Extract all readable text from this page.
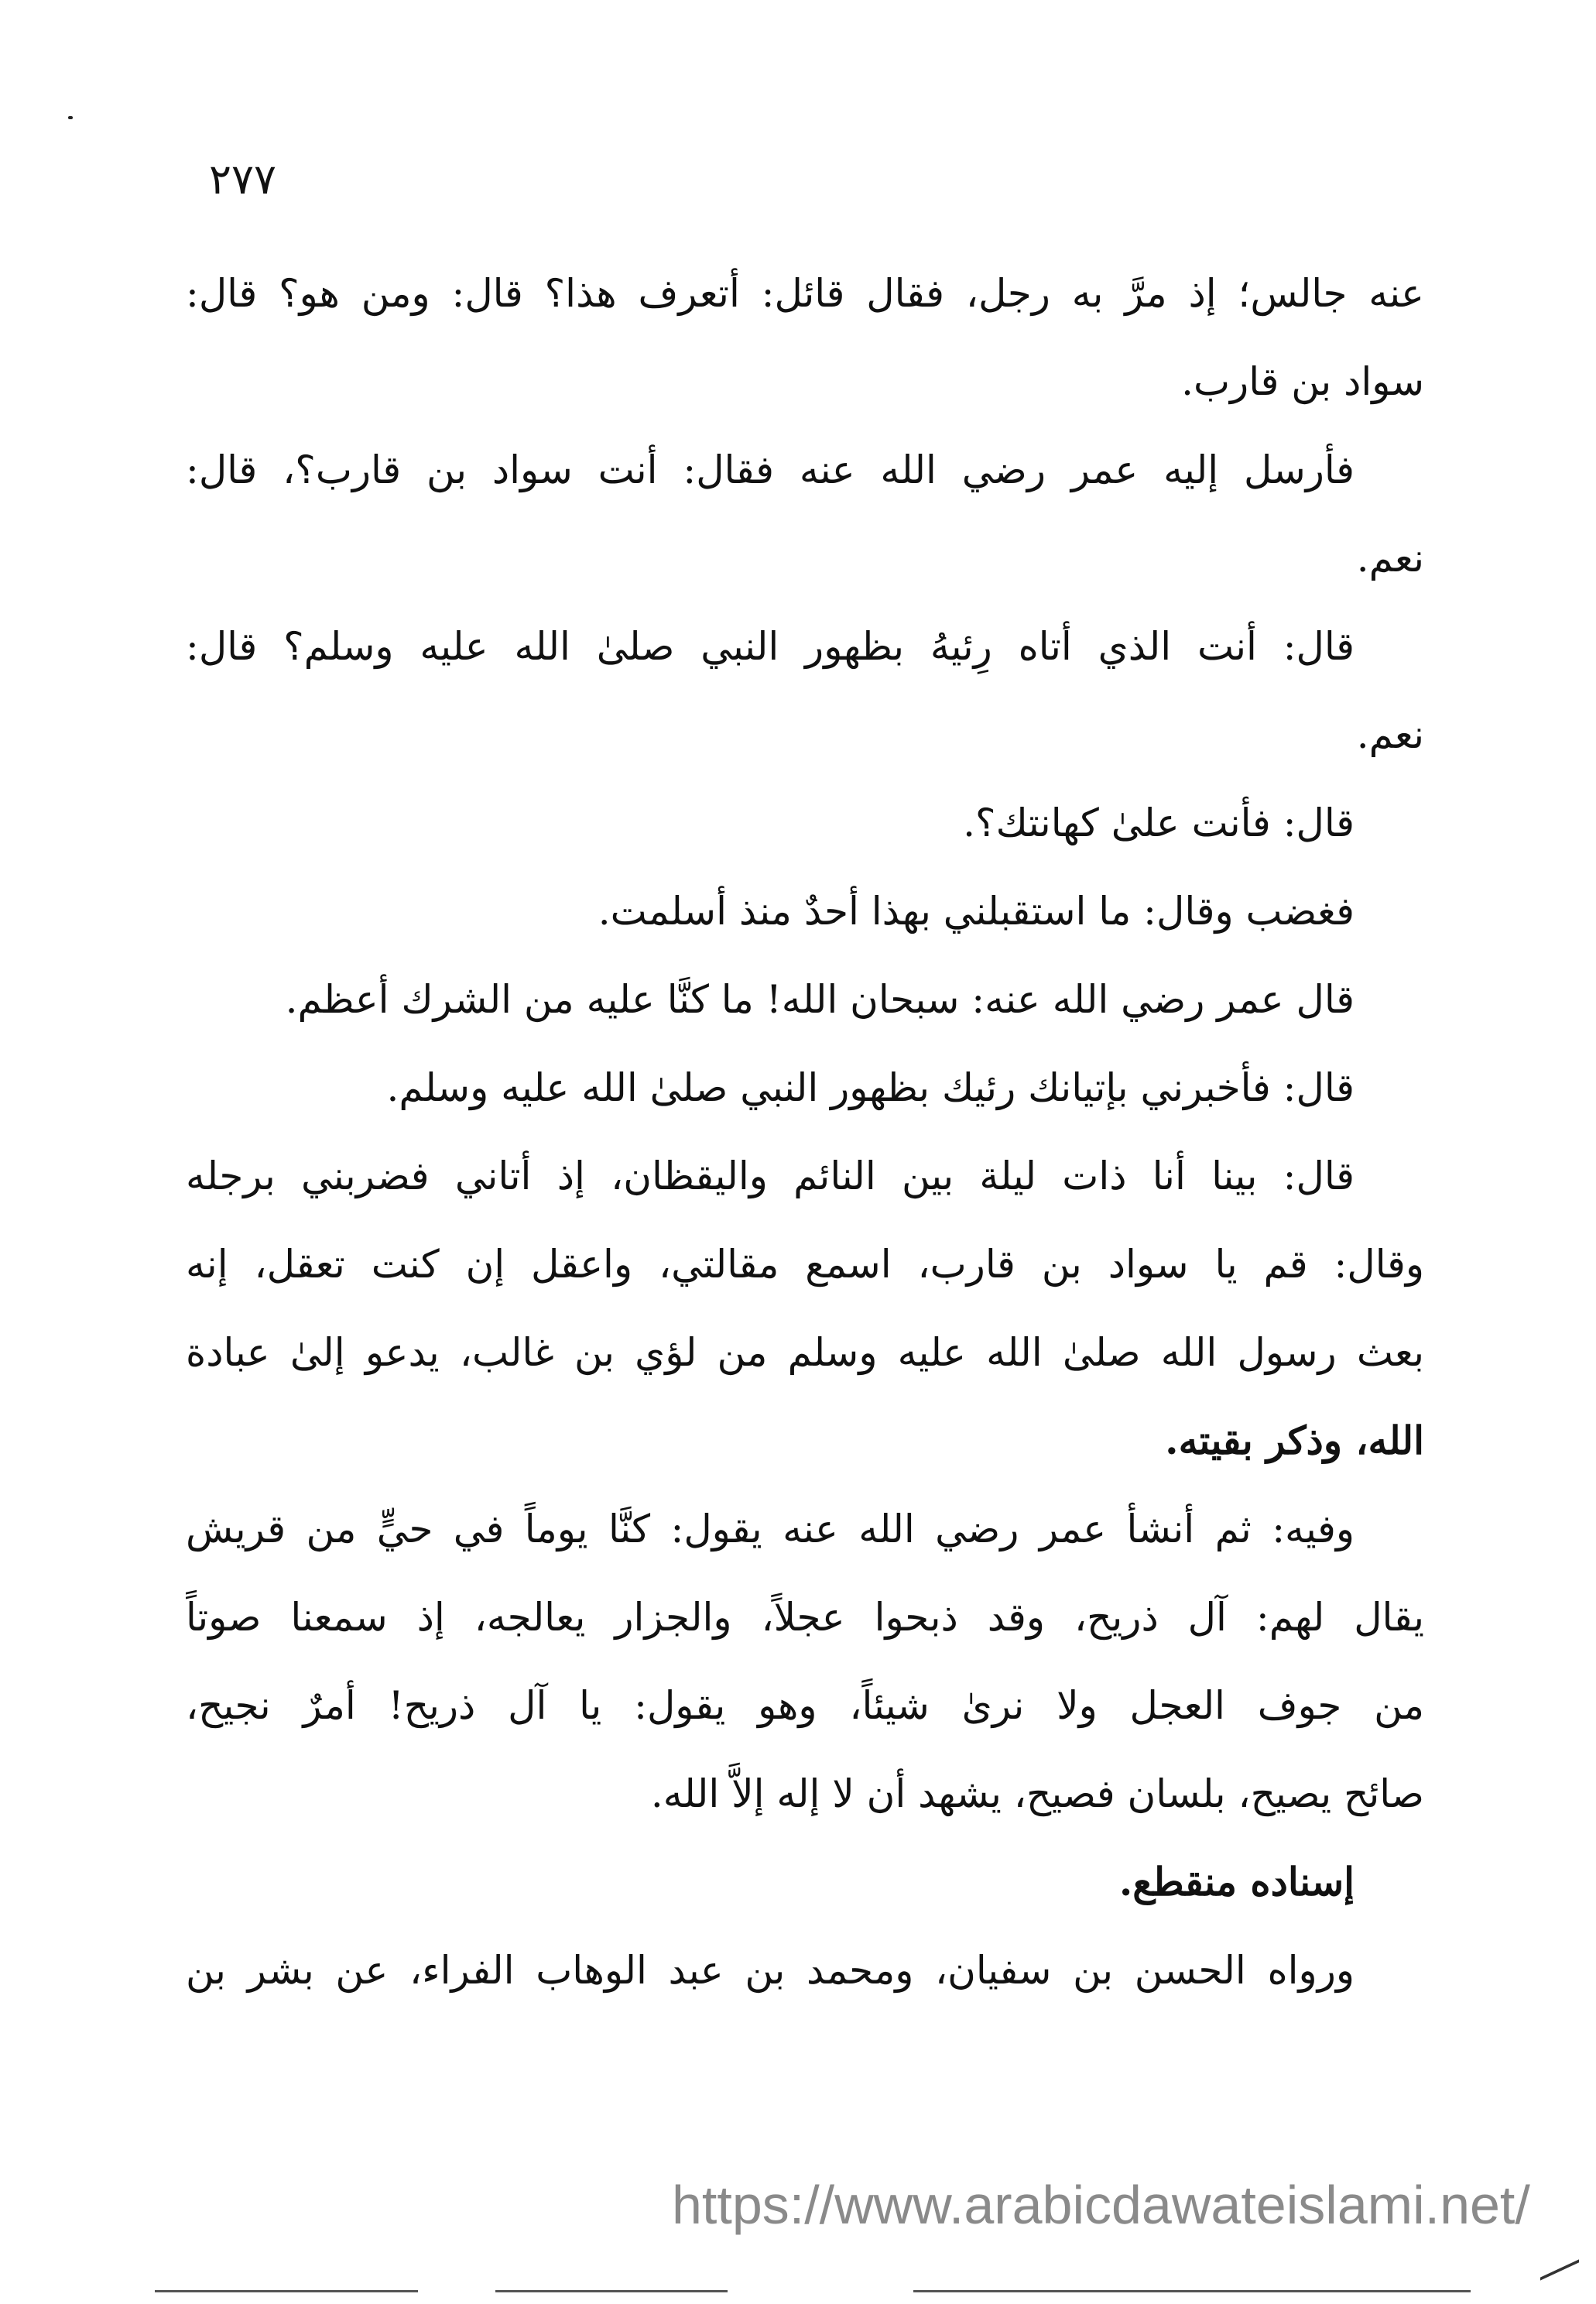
٢٧٧
عنه جالس؛ إذ مرَّ به رجل، فقال قائل: أتعرف هذا؟ قال: ومن هو؟ قال:
سواد بن قارب.
فأرسل إليه عمر رضي الله عنه فقال: أنت سواد بن قارب؟، قال:
نعم.
قال: أنت الذي أتاه رِئيهُ بظهور النبي صلىٰ الله عليه وسلم؟ قال:
نعم.
قال: فأنت علىٰ كهانتك؟.
فغضب وقال: ما استقبلني بهذا أحدٌ منذ أسلمت.
قال عمر رضي الله عنه: سبحان الله! ما كنَّا عليه من الشرك أعظم.
قال: فأخبرني بإتيانك رئيك بظهور النبي صلىٰ الله عليه وسلم.
قال: بينا أنا ذات ليلة بين النائم واليقظان، إذ أتاني فضربني برجله
وقال: قم يا سواد بن قارب، اسمع مقالتي، واعقل إن كنت تعقل، إنه
بعث رسول الله صلىٰ الله عليه وسلم من لؤي بن غالب، يدعو إلىٰ عبادة
الله، وذكر بقيته.
وفيه: ثم أنشأ عمر رضي الله عنه يقول: كنَّا يوماً في حيٍّ من قريش
يقال لهم: آل ذريح، وقد ذبحوا عجلاً، والجزار يعالجه، إذ سمعنا صوتاً
من جوف العجل ولا نرىٰ شيئاً، وهو يقول: يا آل ذريح! أمرٌ نجيح،
صائح يصيح، بلسان فصيح، يشهد أن لا إله إلاَّ الله.
إسناده منقطع.
ورواه الحسن بن سفيان، ومحمد بن عبد الوهاب الفراء، عن بشر بن
https://www.arabicdawateislami.net/
